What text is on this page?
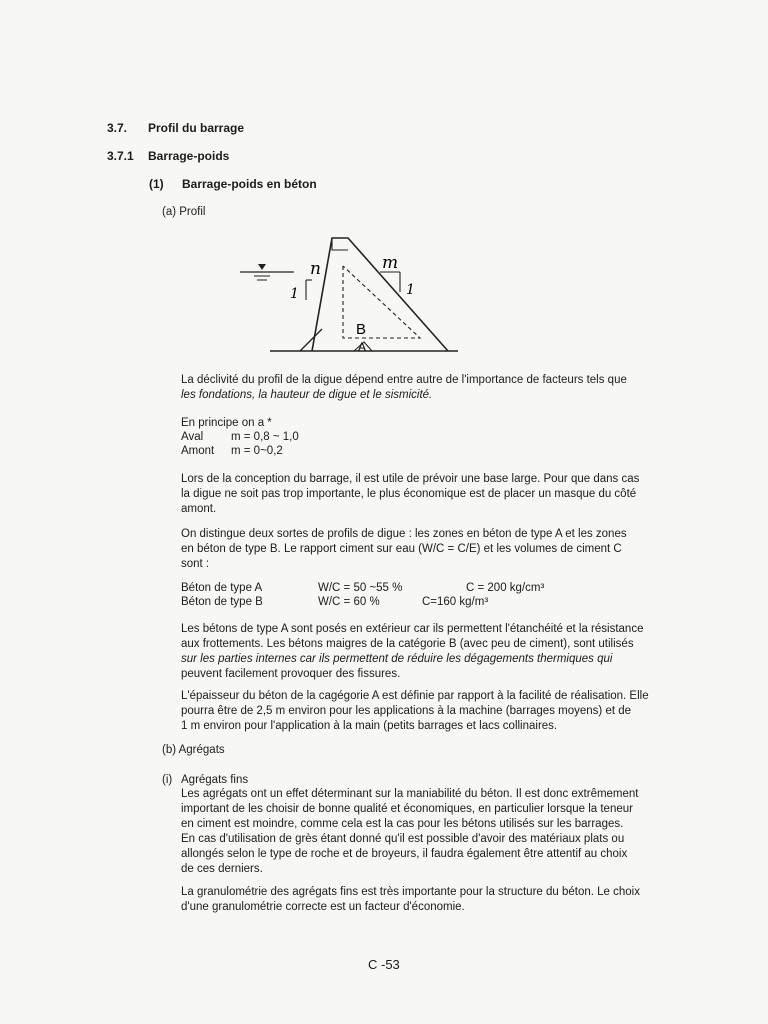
3.7. Profil du barrage
3.7.1 Barrage-poids
(1) Barrage-poids en béton
(a) Profil
n
1
m
1
B
A
La déclivité du profil de la digue dépend entre autre de l'importance de facteurs tels que
les fondations, la hauteur de digue et le sismicité.
En principe on a *
Aval m = 0,8 ~ 1,0
Amont m = 0~0,2
Lors de la conception du barrage, il est utile de prévoir une base large. Pour que dans cas
la digue ne soit pas trop importante, le plus économique est de placer un masque du côté
amont.
On distingue deux sortes de profils de digue : les zones en béton de type A et les zones
en béton de type B. Le rapport ciment sur eau (W/C = C/E) et les volumes de ciment C
sont :
Béton de type A	W/C = 50 ~55 %	C = 200 kg/cm³
Béton de type B	W/C = 60 %	C=160 kg/m³
Les bétons de type A sont posés en extérieur car ils permettent l'étanchéité et la résistance
aux frottements. Les bétons maigres de la catégorie B (avec peu de ciment), sont utilisés
sur les parties internes car ils permettent de réduire les dégagements thermiques qui
peuvent facilement provoquer des fissures.
L'épaisseur du béton de la cagégorie A est définie par rapport à la facilité de réalisation. Elle
pourra être de 2,5 m environ pour les applications à la machine (barrages moyens) et de
1 m environ pour l'application à la main (petits barrages et lacs collinaires.
(b) Agrégats
(i) Agrégats fins
Les agrégats ont un effet déterminant sur la maniabilité du béton. Il est donc extrêmement
important de les choisir de bonne qualité et économiques, en particulier lorsque la teneur
en ciment est moindre, comme cela est la cas pour les bétons utilisés sur les barrages.
En cas d'utilisation de grès étant donné qu'il est possible d'avoir des matériaux plats ou
allongés selon le type de roche et de broyeurs, il faudra également être attentif au choix
de ces derniers.
La granulométrie des agrégats fins est très importante pour la structure du béton. Le choix
d'une granulométrie correcte est un facteur d'économie.
C -53
